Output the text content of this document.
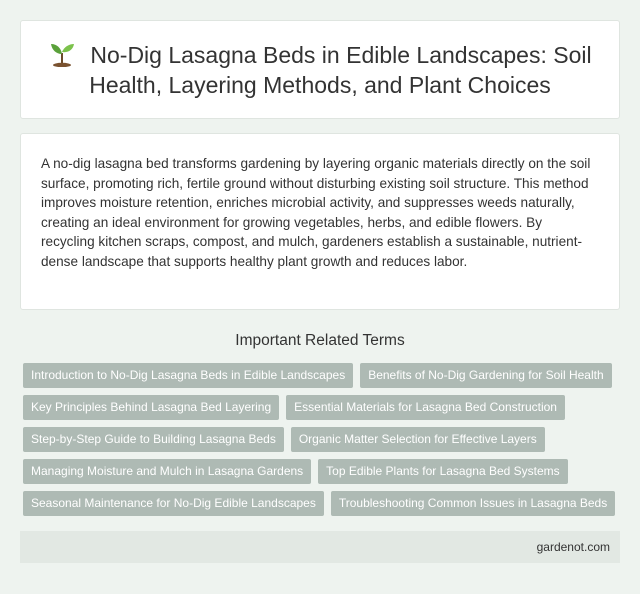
No-Dig Lasagna Beds in Edible Landscapes: Soil Health, Layering Methods, and Plant Choices

A no-dig lasagna bed transforms gardening by layering organic materials directly on the soil surface, promoting rich, fertile ground without disturbing existing soil structure. This method improves moisture retention, enriches microbial activity, and suppresses weeds naturally, creating an ideal environment for growing vegetables, herbs, and edible flowers. By recycling kitchen scraps, compost, and mulch, gardeners establish a sustainable, nutrient-dense landscape that supports healthy plant growth and reduces labor.

Important Related Terms
Introduction to No-Dig Lasagna Beds in Edible Landscapes	Benefits of No-Dig Gardening for Soil Health
Key Principles Behind Lasagna Bed Layering	Essential Materials for Lasagna Bed Construction
Step-by-Step Guide to Building Lasagna Beds	Organic Matter Selection for Effective Layers
Managing Moisture and Mulch in Lasagna Gardens	Top Edible Plants for Lasagna Bed Systems
Seasonal Maintenance for No-Dig Edible Landscapes	Troubleshooting Common Issues in Lasagna Beds
gardenot.com
